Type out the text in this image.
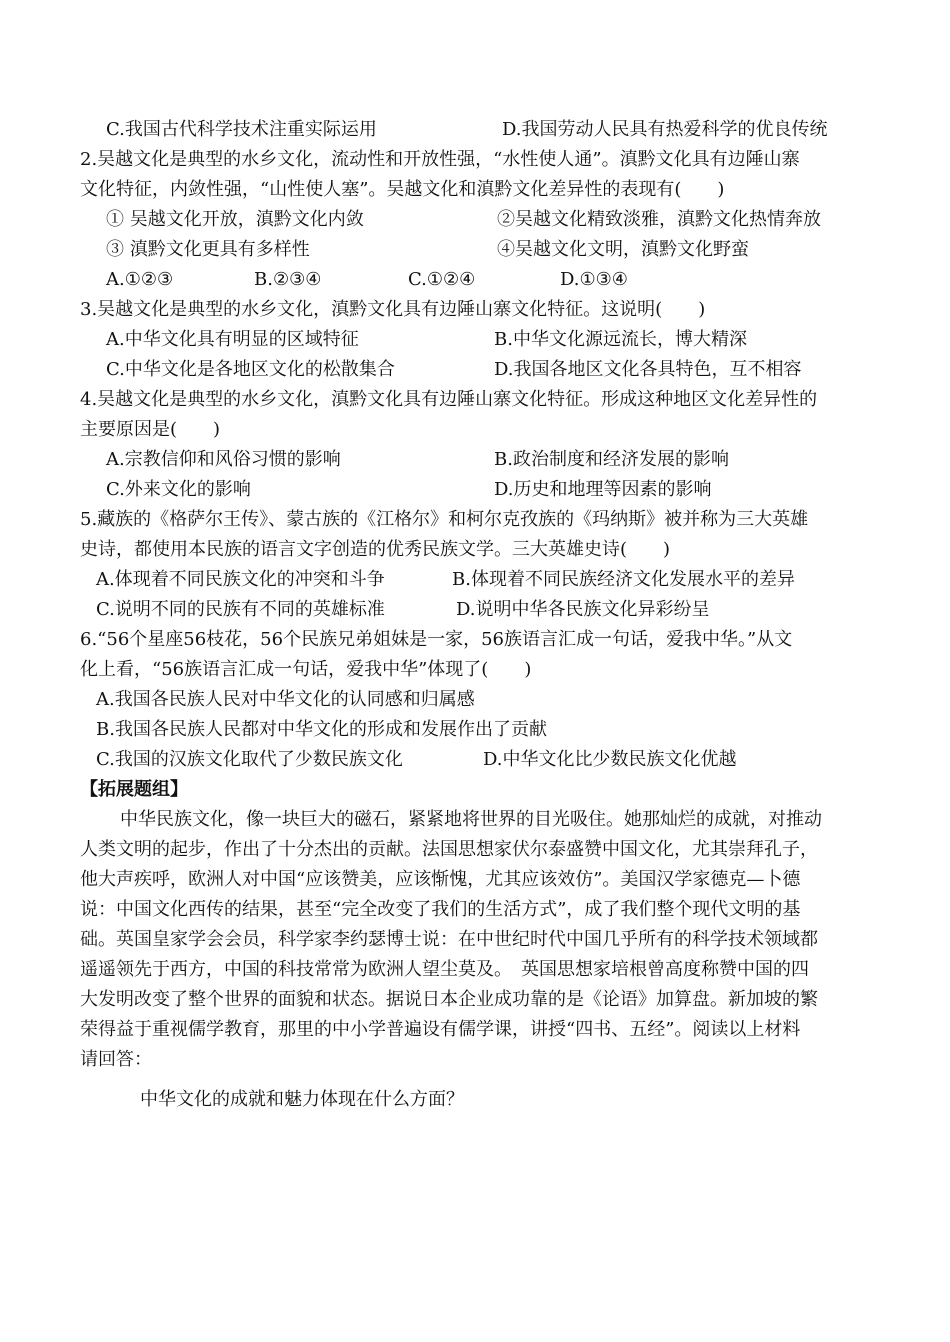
C.我国古代科学技术注重实际运用	D.我国劳动人民具有热爱科学的优良传统
2.吴越文化是典型的水乡文化，流动性和开放性强，“水性使人通”。滇黔文化具有边陲山寨
文化特征，内敛性强，“山性使人塞”。吴越文化和滇黔文化差异性的表现有(　　)
① 吴越文化开放，滇黔文化内敛	②吴越文化精致淡雅，滇黔文化热情奔放
③ 滇黔文化更具有多样性	④吴越文化文明，滇黔文化野蛮
A.①②③	B.②③④	C.①②④	D.①③④
3.吴越文化是典型的水乡文化，滇黔文化具有边陲山寨文化特征。这说明(　　)
A.中华文化具有明显的区域特征	B.中华文化源远流长，博大精深
C.中华文化是各地区文化的松散集合	D.我国各地区文化各具特色，互不相容
4.吴越文化是典型的水乡文化，滇黔文化具有边陲山寨文化特征。形成这种地区文化差异性的
主要原因是(　　)
A.宗教信仰和风俗习惯的影响	B.政治制度和经济发展的影响
C.外来文化的影响	D.历史和地理等因素的影响
5.藏族的《格萨尔王传》、蒙古族的《江格尔》和柯尔克孜族的《玛纳斯》被并称为三大英雄
史诗，都使用本民族的语言文字创造的优秀民族文学。三大英雄史诗(　　)
A.体现着不同民族文化的冲突和斗争	B.体现着不同民族经济文化发展水平的差异
C.说明不同的民族有不同的英雄标准	D.说明中华各民族文化异彩纷呈
6.“56个星座56枝花，56个民族兄弟姐妹是一家，56族语言汇成一句话，爱我中华。”从文
化上看，“56族语言汇成一句话，爱我中华”体现了(　　)
A.我国各民族人民对中华文化的认同感和归属感
B.我国各民族人民都对中华文化的形成和发展作出了贡献
C.我国的汉族文化取代了少数民族文化	D.中华文化比少数民族文化优越
【拓展题组】
中华民族文化，像一块巨大的磁石，紧紧地将世界的目光吸住。她那灿烂的成就，对推动
人类文明的起步，作出了十分杰出的贡献。法国思想家伏尔泰盛赞中国文化，尤其崇拜孔子，
他大声疾呼，欧洲人对中国“应该赞美，应该惭愧，尤其应该效仿”。美国汉学家德克—卜德
说：中国文化西传的结果，甚至“完全改变了我们的生活方式”，成了我们整个现代文明的基
础。英国皇家学会会员，科学家李约瑟博士说：在中世纪时代中国几乎所有的科学技术领域都
遥遥领先于西方，中国的科技常常为欧洲人望尘莫及。　英国思想家培根曾高度称赞中国的四
大发明改变了整个世界的面貌和状态。据说日本企业成功靠的是《论语》加算盘。新加坡的繁
荣得益于重视儒学教育，那里的中小学普遍设有儒学课，讲授“四书、五经”。阅读以上材料
请回答：
中华文化的成就和魅力体现在什么方面？
